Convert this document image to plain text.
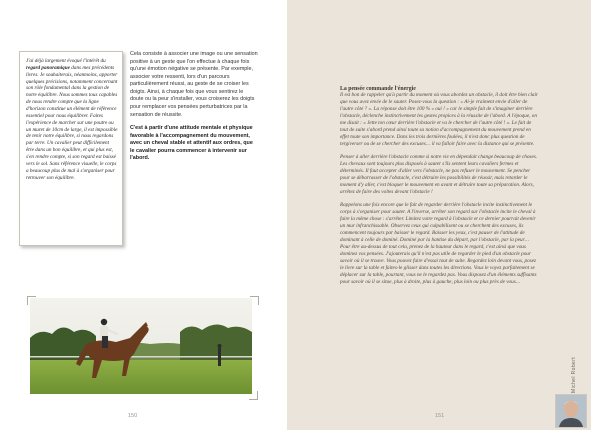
J'ai déjà largement évoqué l'intérêt du regard panoramique dans mes précédents livres. Je souhaiterais, néanmoins, apporter quelques précisions, notamment concernant son rôle fondamental dans la gestion de notre équilibre. Nous sommes tous capables de nous rendre compte que la ligne d'horizon constitue un élément de référence essentiel pour nous équilibrer. Faites l'expérience de marcher sur une poutre ou un muret de 10cm de large, il est impossible de tenir notre équilibre, si nous regardons par terre. Un cavalier peut difficilement être dans un bon équilibre, et qui plus est, s'en rendre compte, si son regard est baissé vers le sol. Sans référence visuelle, le corps a beaucoup plus de mal à s'organiser pour retrouver son équilibre.

Cela consiste à associer une image ou une sensation positive à un geste que l'on effectue à chaque fois qu'une émotion négative se présente. Par exemple, associer votre ressenti, lors d'un parcours particulièrement réussi, au geste de se croiser les doigts. Ainsi, à chaque fois que vous sentirez le doute ou la peur s'installer, vous croiserez les doigts pour remplacer vos pensées perturbatrices par la sensation de réussite.

C'est à partir d'une attitude mentale et physique favorable à l'accompagnement du mouvement, avec un cheval stable et attentif aux ordres, que le cavalier pourra commencer à intervenir sur l'abord.

150

La pensée commande l'énergie

Il est bon de rappeler qu'à partir du moment où vous abordez un obstacle, il doit être bien clair que vous avez envie de le sauter. Posez-vous la question : « Ai-je vraiment envie d'aller de l'autre côté ? ». La réponse doit être 100 % « oui ! » car le simple fait de s'imaginer derrière l'obstacle, déclenche instinctivement les gestes propices à la réussite de l'abord. A l'époque, on me disait : « Jette ton cœur derrière l'obstacle et va le chercher de l'autre côté ! ». Le fait de tout de suite s'abord prend ainsi toute sa notion d'accompagnement du mouvement prend en effet toute son importance. Dans les trois dernières foulées, il n'est donc plus question de tergiverser ou de se chercher des excuses… il va falloir faire avec la distance qui se présente.

Penser à aller derrière l'obstacle comme si notre vie en dépendait change beaucoup de choses. Les chevaux sont toujours plus disposés à sauter s'ils sentent leurs cavaliers fermes et déterminés. Il faut accepter d'aller vers l'obstacle, ne pas refuser le mouvement. Se pencher pour se débarrasser de l'obstacle, c'est détruire les possibilités de réussir, mais retarder le moment d'y aller, c'est bloquer le mouvement en avant et détruire toute sa préparation. Alors, arrêtez de faire des voltes devant l'obstacle !

Rappelons une fois encore que le fait de regarder derrière l'obstacle incite instinctivement le corps à s'organiser pour sauter. A l'inverse, arrêter son regard sur l'obstacle incite le cheval à faire la même chose : s'arrêter. Limitez votre regard à l'obstacle et ce dernier pourrait devenir un mur infranchissable. Observez ceux qui culpabilisent ou se cherchent des excuses, ils commencent toujours par baisser le regard. Baisser les yeux, c'est pauser de l'attitude de dominant à celle de dominé. Dominé par la hantise du départ, par l'obstacle, par la peur… Pour être au-dessus de tout cela, prenez de la hauteur dans le regard, c'est ainsi que vous dominez vos pensées. J'ajouterais qu'il n'est pas utile de regarder le pied d'un obstacle pour savoir où il se trouve. Vous pouvez faire d'essai tout de suite. Regardez loin devant vous, posez le livre sur la table et faites-le glisser dans toutes les directions. Vous le voyez parfaitement se déplacer sur la table, pourtant, vous ne le regardez pas. Vous disposez d'un éléments suffisants pour savoir où il se situe, plus à droite, plus à gauche, plus loin ou plus près de vous…

151
Michel Robert
